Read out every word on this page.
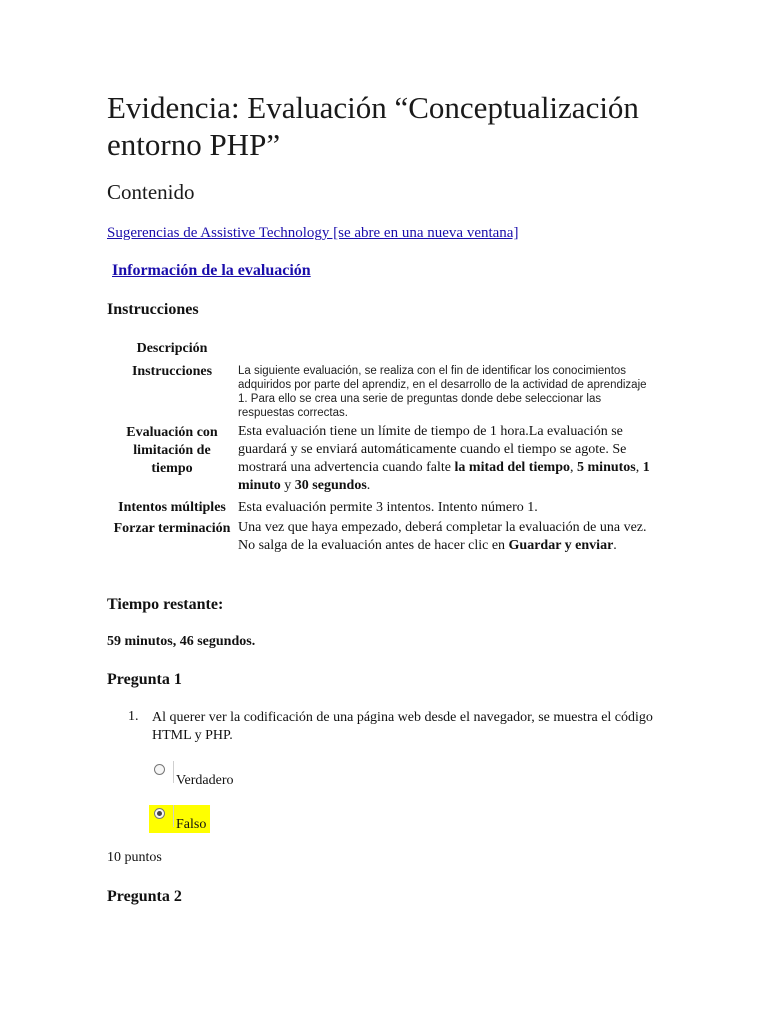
Evidencia: Evaluación “Conceptualización entorno PHP”
Contenido
Sugerencias de Assistive Technology [se abre en una nueva ventana]
Información de la evaluación
Instrucciones
Descripción
Instrucciones	La siguiente evaluación, se realiza con el fin de identificar los conocimientos adquiridos por parte del aprendiz, en el desarrollo de la actividad de aprendizaje 1. Para ello se crea una serie de preguntas donde debe seleccionar las respuestas correctas.
Evaluación con limitación de tiempo
Esta evaluación tiene un límite de tiempo de 1 hora.La evaluación se guardará y se enviará automáticamente cuando el tiempo se agote. Se mostrará una advertencia cuando falte la mitad del tiempo, 5 minutos, 1 minuto y 30 segundos.
Intentos múltiples Esta evaluación permite 3 intentos. Intento número 1.
Forzar terminación Una vez que haya empezado, deberá completar la evaluación de una vez. No salga de la evaluación antes de hacer clic en Guardar y enviar.
Tiempo restante:
59 minutos, 46 segundos.
Pregunta 1
1. Al querer ver la codificación de una página web desde el navegador, se muestra el código HTML y PHP.
Verdadero
Falso
10 puntos
Pregunta 2
